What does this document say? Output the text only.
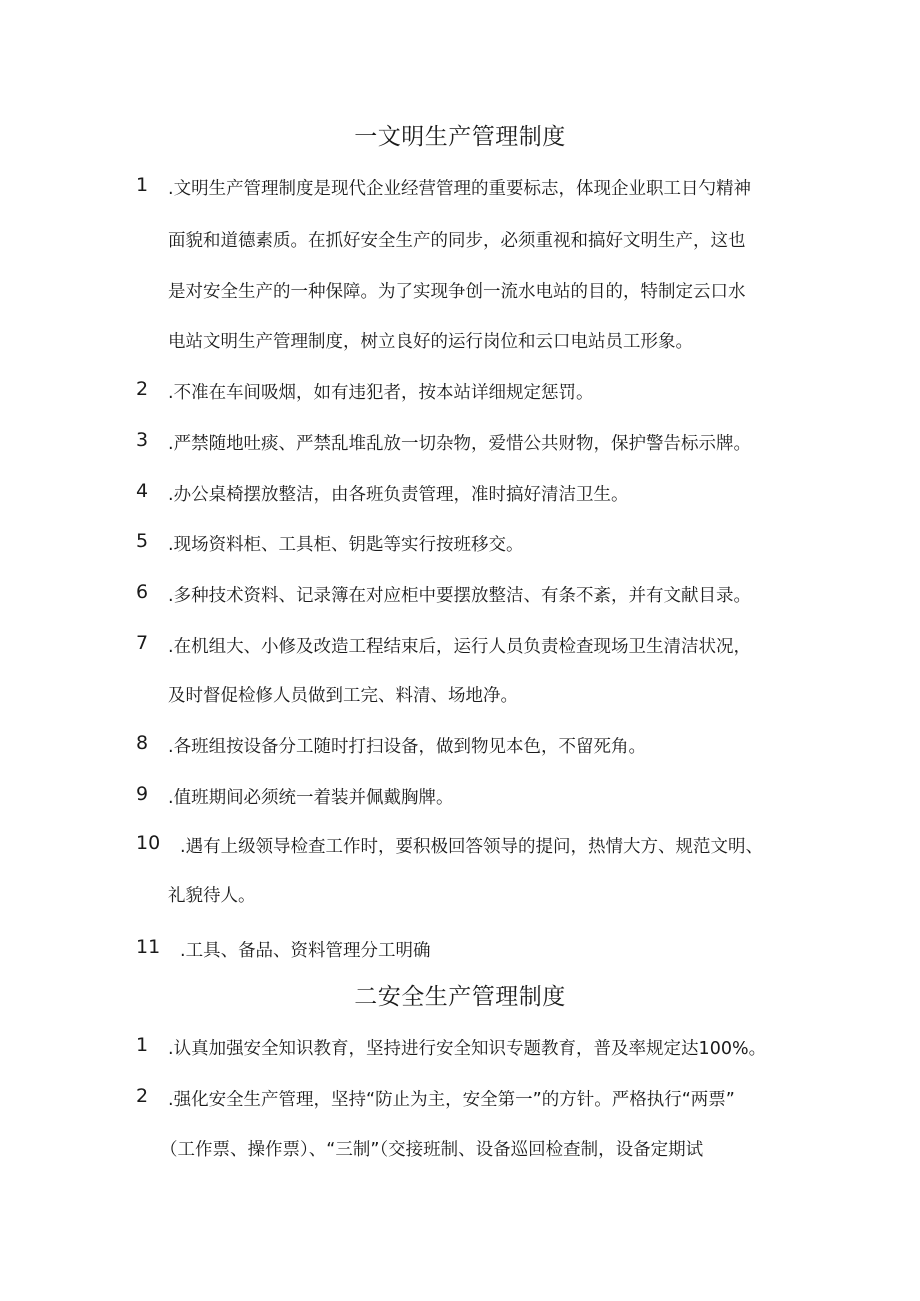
一文明生产管理制度
1 .文明生产管理制度是现代企业经营管理的重要标志，体现企业职工日勺精神
面貌和道德素质。在抓好安全生产的同步，必须重视和搞好文明生产，这也
是对安全生产的一种保障。为了实现争创一流水电站的目的，特制定云口水
电站文明生产管理制度，树立良好的运行岗位和云口电站员工形象。
2 .不准在车间吸烟，如有违犯者，按本站详细规定惩罚。
3 .严禁随地吐痰、严禁乱堆乱放一切杂物，爱惜公共财物，保护警告标示牌。
4 .办公桌椅摆放整洁，由各班负责管理，准时搞好清洁卫生。
5 .现场资料柜、工具柜、钥匙等实行按班移交。
6 .多种技术资料、记录簿在对应柜中要摆放整洁、有条不紊，并有文献目录。
7 .在机组大、小修及改造工程结束后，运行人员负责检查现场卫生清洁状况，
及时督促检修人员做到工完、料清、场地净。
8 .各班组按设备分工随时打扫设备，做到物见本色，不留死角。
9 .值班期间必须统一着装并佩戴胸牌。
10 .遇有上级领导检查工作时，要积极回答领导的提问，热情大方、规范文明、
礼貌待人。
11 .工具、备品、资料管理分工明确
二安全生产管理制度
1 .认真加强安全知识教育，坚持进行安全知识专题教育，普及率规定达100%。
2 .强化安全生产管理，坚持“防止为主，安全第一”的方针。严格执行“两票”
（工作票、操作票）、“三制”（交接班制、设备巡回检查制，设备定期试
